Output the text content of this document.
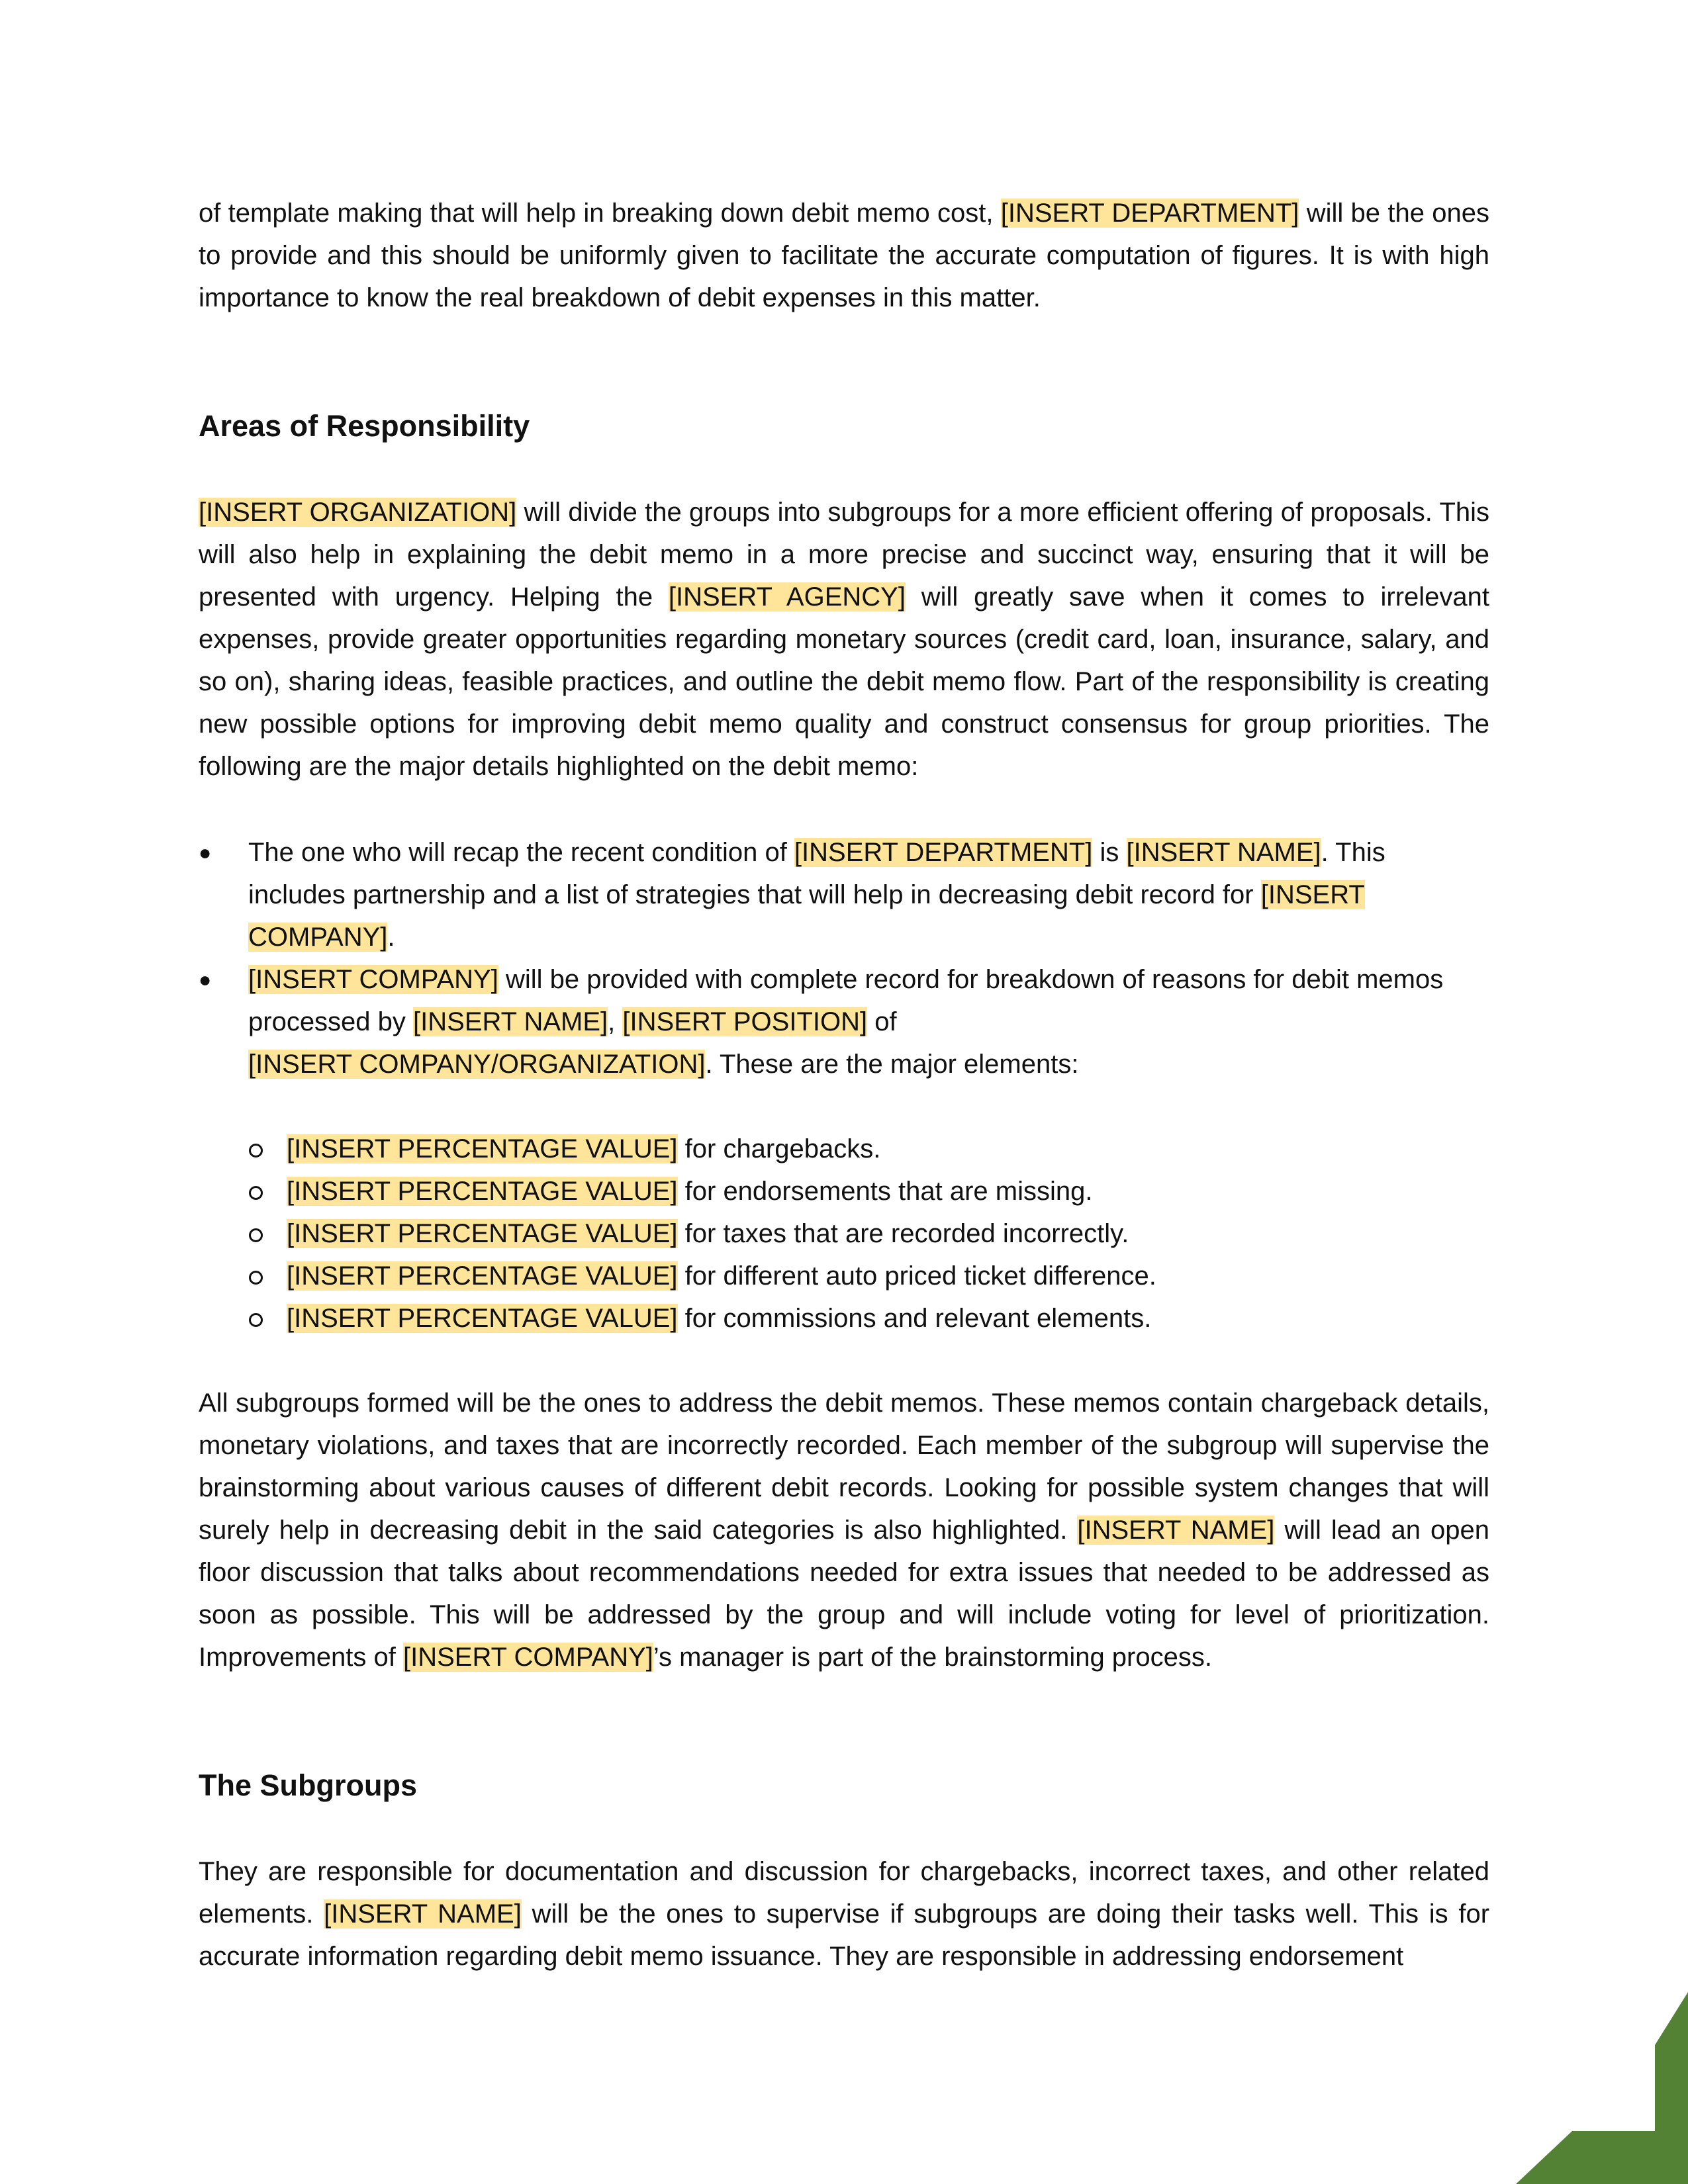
of template making that will help in breaking down debit memo cost, [INSERT DEPARTMENT] will be the ones to provide and this should be uniformly given to facilitate the accurate computation of figures. It is with high importance to know the real breakdown of debit expenses in this matter.

Areas of Responsibility

[INSERT ORGANIZATION] will divide the groups into subgroups for a more efficient offering of proposals. This will also help in explaining the debit memo in a more precise and succinct way, ensuring that it will be presented with urgency. Helping the [INSERT AGENCY] will greatly save when it comes to irrelevant expenses, provide greater opportunities regarding monetary sources (credit card, loan, insurance, salary, and so on), sharing ideas, feasible practices, and outline the debit memo flow. Part of the responsibility is creating new possible options for improving debit memo quality and construct consensus for group priorities. The following are the major details highlighted on the debit memo:

● The one who will recap the recent condition of [INSERT DEPARTMENT] is [INSERT NAME]. This includes partnership and a list of strategies that will help in decreasing debit record for [INSERT COMPANY].
● [INSERT COMPANY] will be provided with complete record for breakdown of reasons for debit memos processed by [INSERT NAME], [INSERT POSITION] of
[INSERT COMPANY/ORGANIZATION]. These are the major elements:
[INSERT PERCENTAGE VALUE] for chargebacks.
[INSERT PERCENTAGE VALUE] for endorsements that are missing.
[INSERT PERCENTAGE VALUE] for taxes that are recorded incorrectly.
[INSERT PERCENTAGE VALUE] for different auto priced ticket difference.
[INSERT PERCENTAGE VALUE] for commissions and relevant elements.

All subgroups formed will be the ones to address the debit memos. These memos contain chargeback details, monetary violations, and taxes that are incorrectly recorded. Each member of the subgroup will supervise the brainstorming about various causes of different debit records. Looking for possible system changes that will surely help in decreasing debit in the said categories is also highlighted. [INSERT NAME] will lead an open floor discussion that talks about recommendations needed for extra issues that needed to be addressed as soon as possible. This will be addressed by the group and will include voting for level of prioritization. Improvements of [INSERT COMPANY]’s manager is part of the brainstorming process.

The Subgroups

They are responsible for documentation and discussion for chargebacks, incorrect taxes, and other related elements. [INSERT NAME] will be the ones to supervise if subgroups are doing their tasks well. This is for accurate information regarding debit memo issuance. They are responsible in addressing endorsement
